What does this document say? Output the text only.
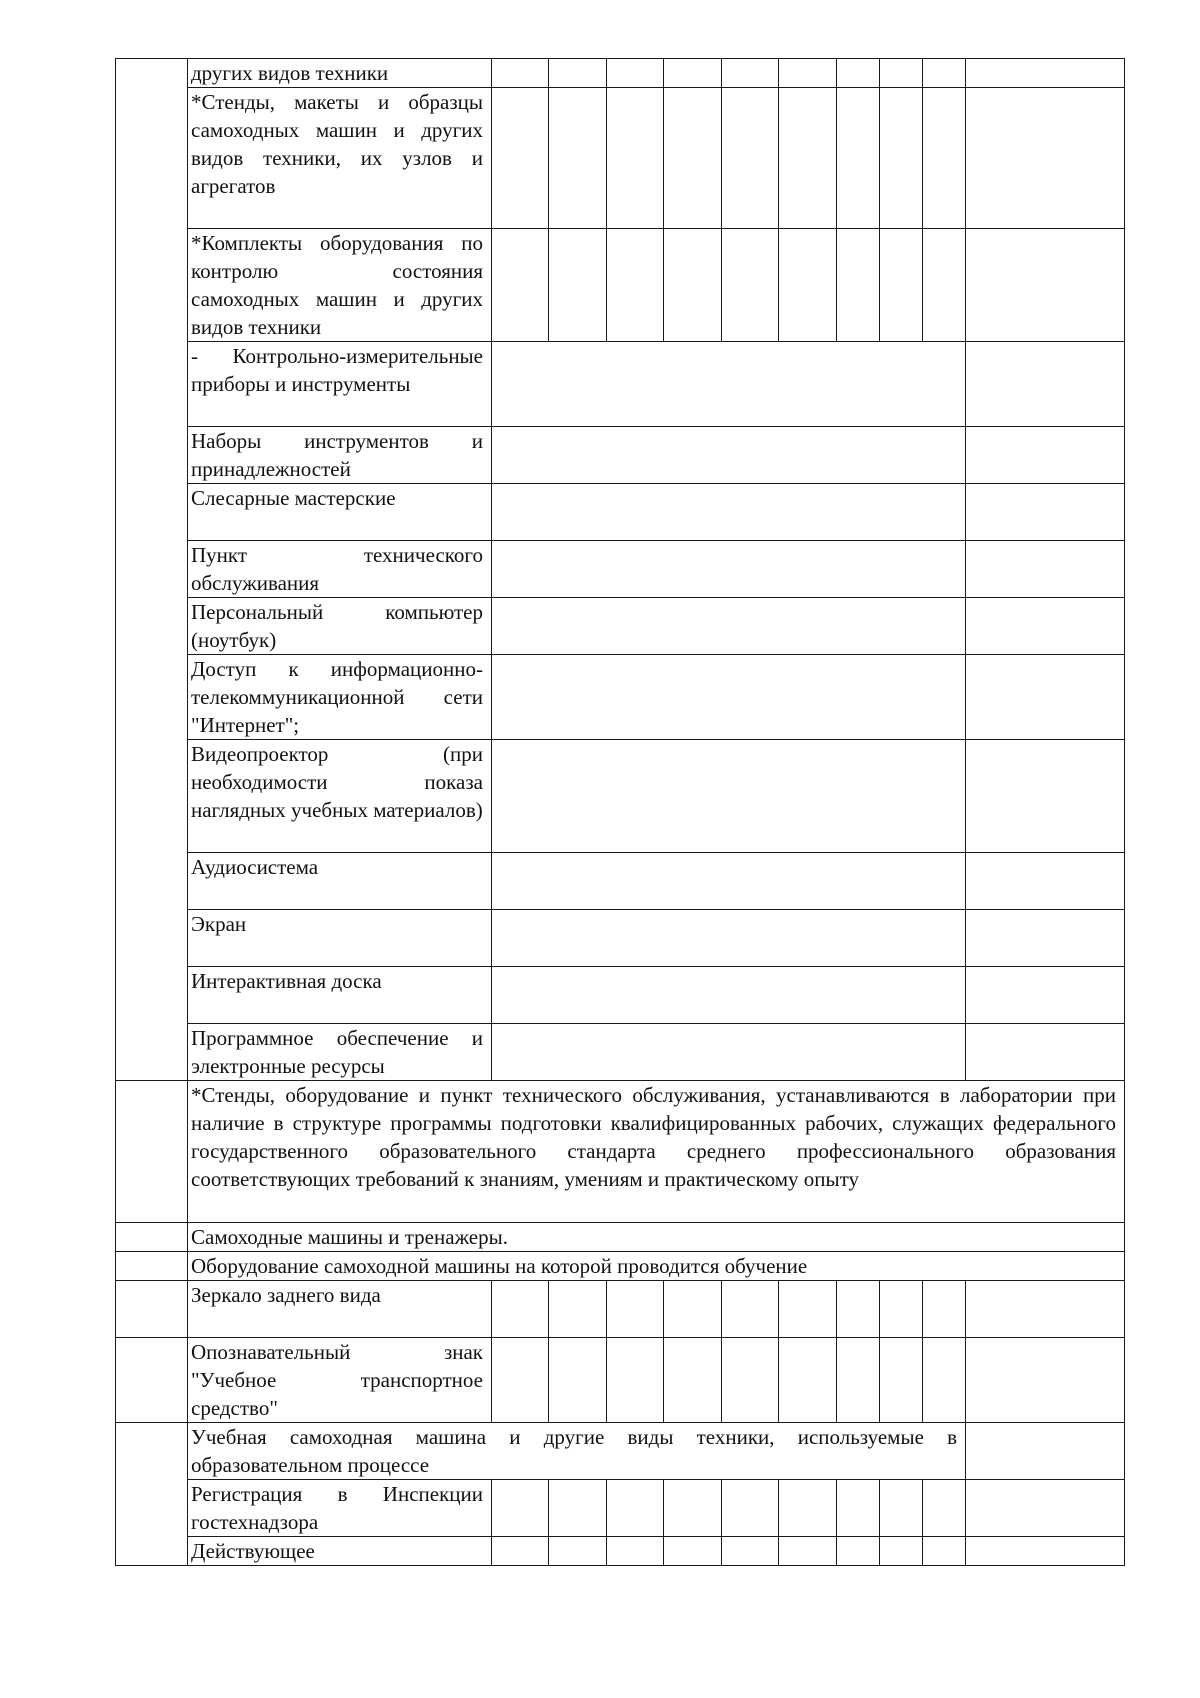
	других видов техники										
	*Стенды, макеты и образцы самоходных машин и других видов техники, их узлов и агрегатов										
	*Комплекты оборудования по контролю состояния самоходных машин и других видов техники										
	- Контрольно-измерительные приборы и инструменты										
	Наборы инструментов и принадлежностей										
	Слесарные мастерские										
	Пункт технического обслуживания										
	Персональный компьютер (ноутбук)										
	Доступ к информационно-телекоммуникационной сети "Интернет";										
	Видеопроектор (при необходимости показа наглядных учебных материалов)										
	Аудиосистема										
	Экран										
	Интерактивная доска										
	Программное обеспечение и электронные ресурсы										
	*Стенды, оборудование и пункт технического обслуживания, устанавливаются в лаборатории при наличие в структуре программы подготовки квалифицированных рабочих, служащих федерального государственного образовательного стандарта среднего профессионального образования соответствующих требований к знаниям, умениям и практическому опыту										
	Самоходные машины и тренажеры.										
	Оборудование самоходной машины на которой проводится обучение										
	Зеркало заднего вида										
	Опознавательный знак "Учебное транспортное средство"										
	Учебная самоходная машина и другие виды техники, используемые в образовательном процессе										
	Регистрация в Инспекции гостехнадзора										
	Действующее										
